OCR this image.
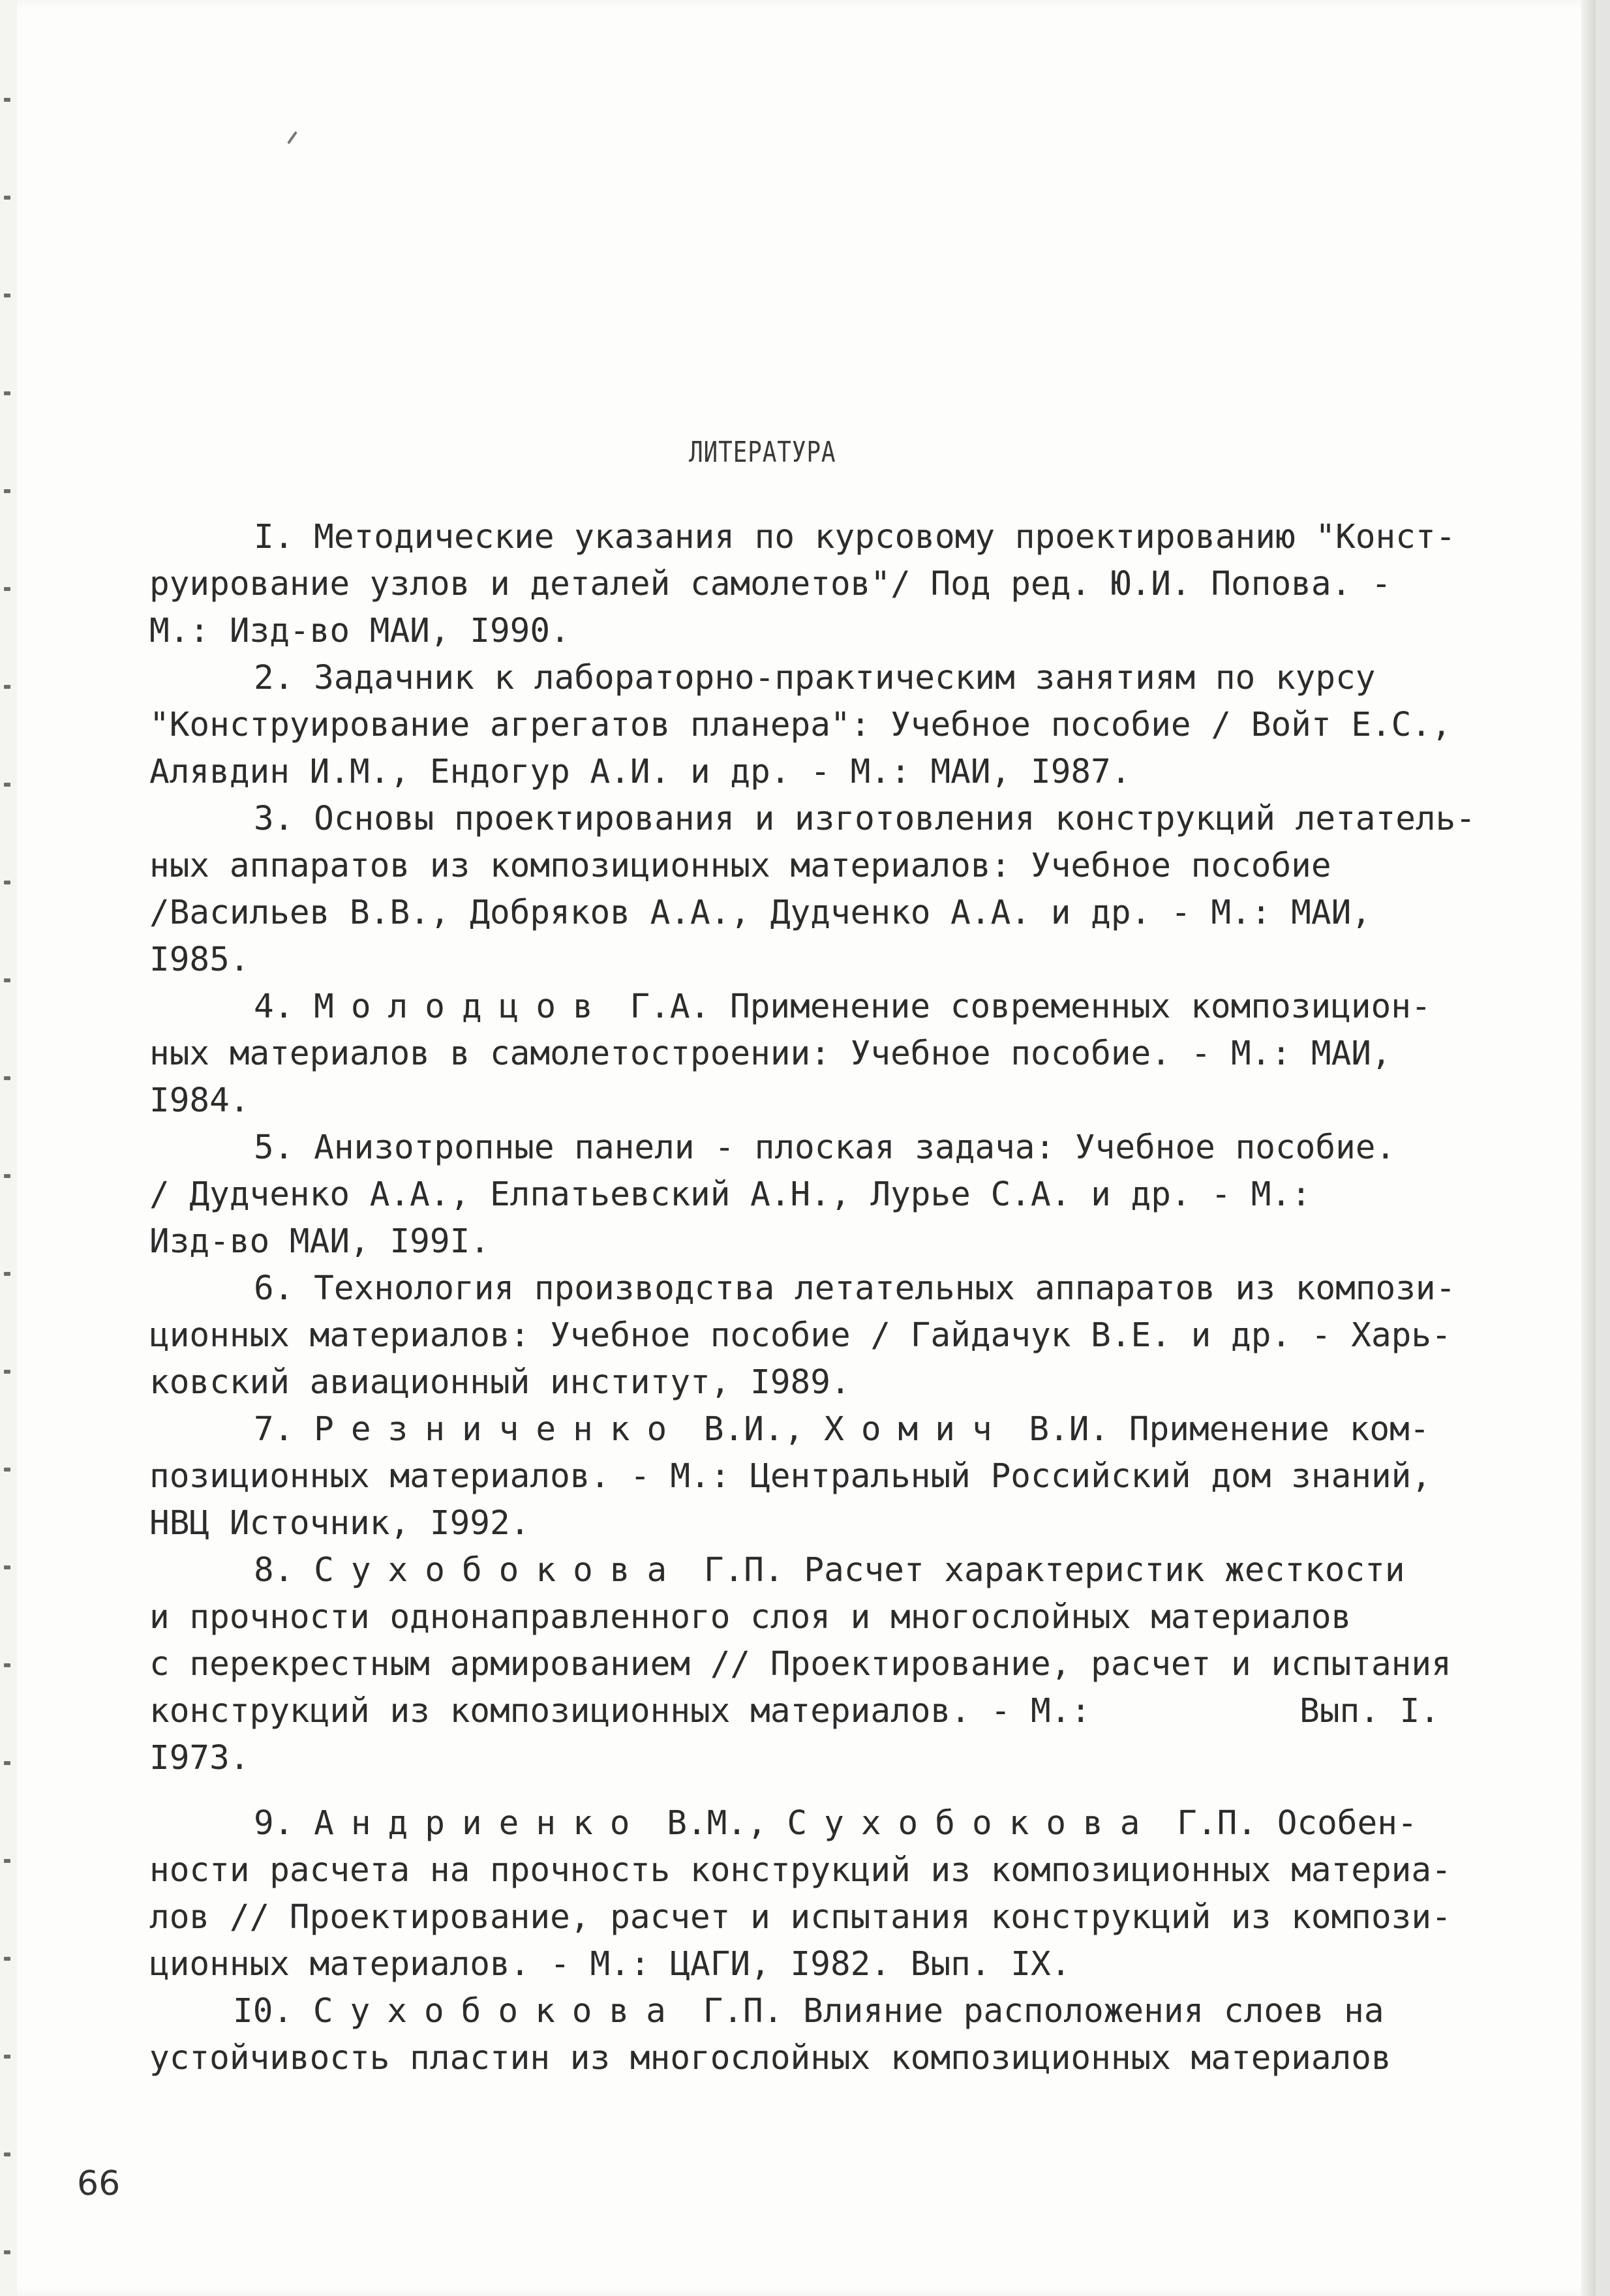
ЛИТЕРАТУРА
I. Методические указания по курсовому проектированию "Конст-
руирование узлов и деталей самолетов"/ Под ред. Ю.И. Попова. -
М.: Изд-во МАИ, I990.
2. Задачник к лабораторно-практическим занятиям по курсу
"Конструирование агрегатов планера": Учебное пособие / Войт Е.С.,
Алявдин И.М., Ендогур А.И. и др. - М.: МАИ, I987.
3. Основы проектирования и изготовления конструкций летатель-
ных аппаратов из композиционных материалов: Учебное пособие
/Васильев В.В., Добряков А.А., Дудченко А.А. и др. - М.: МАИ,
I985.
4. Молодцов Г.А. Применение современных композицион-
ных материалов в самолетостроении: Учебное пособие. - М.: МАИ,
I984.
5. Анизотропные панели - плоская задача: Учебное пособие.
/ Дудченко А.А., Елпатьевский А.Н., Лурье С.А. и др. - М.:
Изд-во МАИ, I99I.
6. Технология производства летательных аппаратов из компози-
ционных материалов: Учебное пособие / Гайдачук В.Е. и др. - Харь-
ковский авиационный институт, I989.
7. Резниченко В.И., Хомич В.И. Применение ком-
позиционных материалов. - М.: Центральный Российский дом знаний,
НВЦ Источник, I992.
8. Сухобокова Г.П. Расчет характеристик жесткости
и прочности однонаправленного слоя и многослойных материалов
с перекрестным армированием // Проектирование, расчет и испытания
конструкций из композиционных материалов. - М.:	Вып. I.
I973.
9. Андриенко В.М., Сухобокова Г.П. Особен-
ности расчета на прочность конструкций из композиционных материа-
лов // Проектирование, расчет и испытания конструкций из компози-
ционных материалов. - М.: ЦАГИ, I982. Вып. IX.
I0. Сухобокова Г.П. Влияние расположения слоев на
устойчивость пластин из многослойных композиционных материалов
66
